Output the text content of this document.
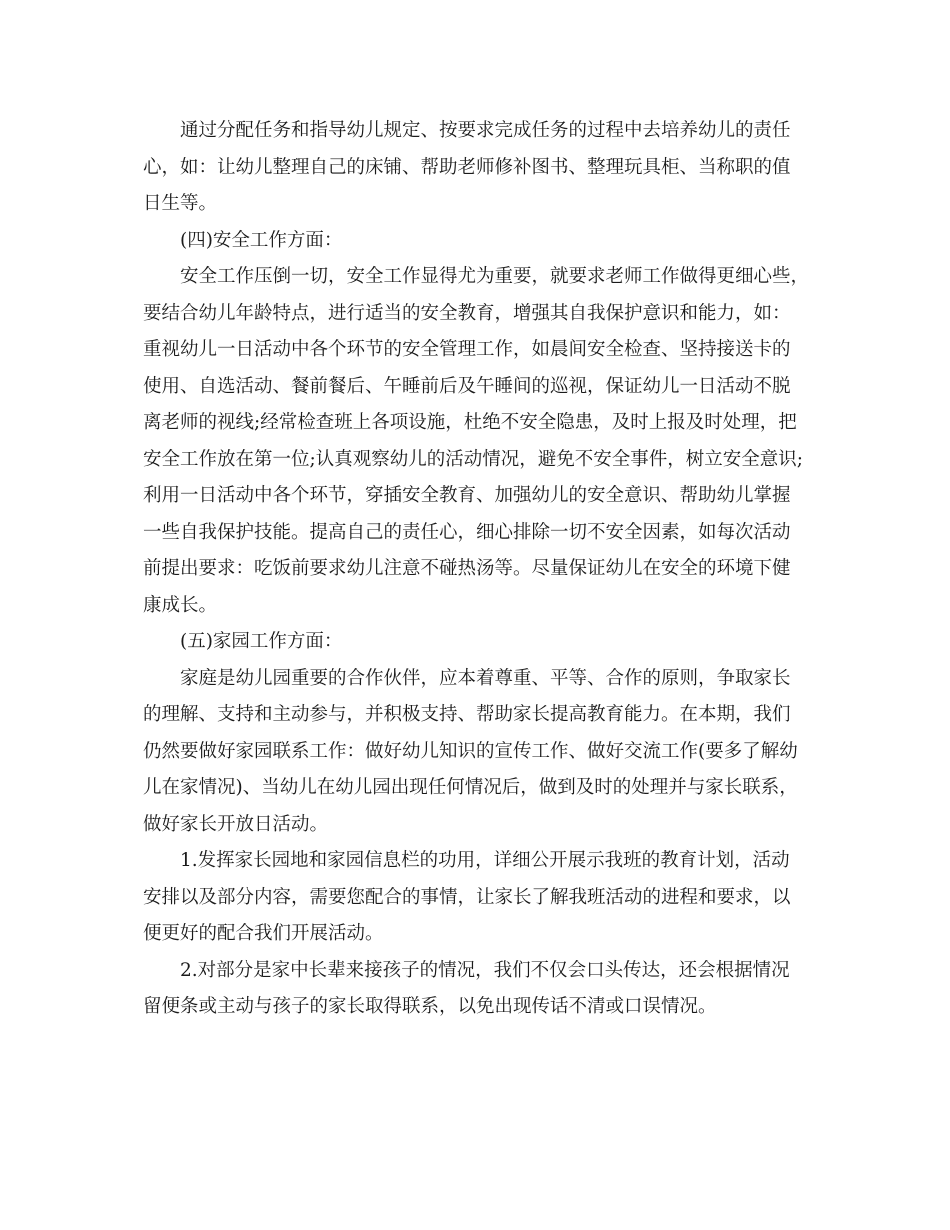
通过分配任务和指导幼儿规定、按要求完成任务的过程中去培养幼儿的责任
心，如：让幼儿整理自己的床铺、帮助老师修补图书、整理玩具柜、当称职的值
日生等。
(四)安全工作方面：
安全工作压倒一切，安全工作显得尤为重要，就要求老师工作做得更细心些，
要结合幼儿年龄特点，进行适当的安全教育，增强其自我保护意识和能力，如：
重视幼儿一日活动中各个环节的安全管理工作，如晨间安全检查、坚持接送卡的
使用、自选活动、餐前餐后、午睡前后及午睡间的巡视，保证幼儿一日活动不脱
离老师的视线;经常检查班上各项设施，杜绝不安全隐患，及时上报及时处理，把
安全工作放在第一位;认真观察幼儿的活动情况，避免不安全事件，树立安全意识;
利用一日活动中各个环节，穿插安全教育、加强幼儿的安全意识、帮助幼儿掌握
一些自我保护技能。提高自己的责任心，细心排除一切不安全因素，如每次活动
前提出要求：吃饭前要求幼儿注意不碰热汤等。尽量保证幼儿在安全的环境下健
康成长。
(五)家园工作方面：
家庭是幼儿园重要的合作伙伴，应本着尊重、平等、合作的原则，争取家长
的理解、支持和主动参与，并积极支持、帮助家长提高教育能力。在本期，我们
仍然要做好家园联系工作：做好幼儿知识的宣传工作、做好交流工作(要多了解幼
儿在家情况)、当幼儿在幼儿园出现任何情况后，做到及时的处理并与家长联系，
做好家长开放日活动。
1.发挥家长园地和家园信息栏的功用，详细公开展示我班的教育计划，活动
安排以及部分内容，需要您配合的事情，让家长了解我班活动的进程和要求，以
便更好的配合我们开展活动。
2.对部分是家中长辈来接孩子的情况，我们不仅会口头传达，还会根据情况
留便条或主动与孩子的家长取得联系，以免出现传话不清或口误情况。
